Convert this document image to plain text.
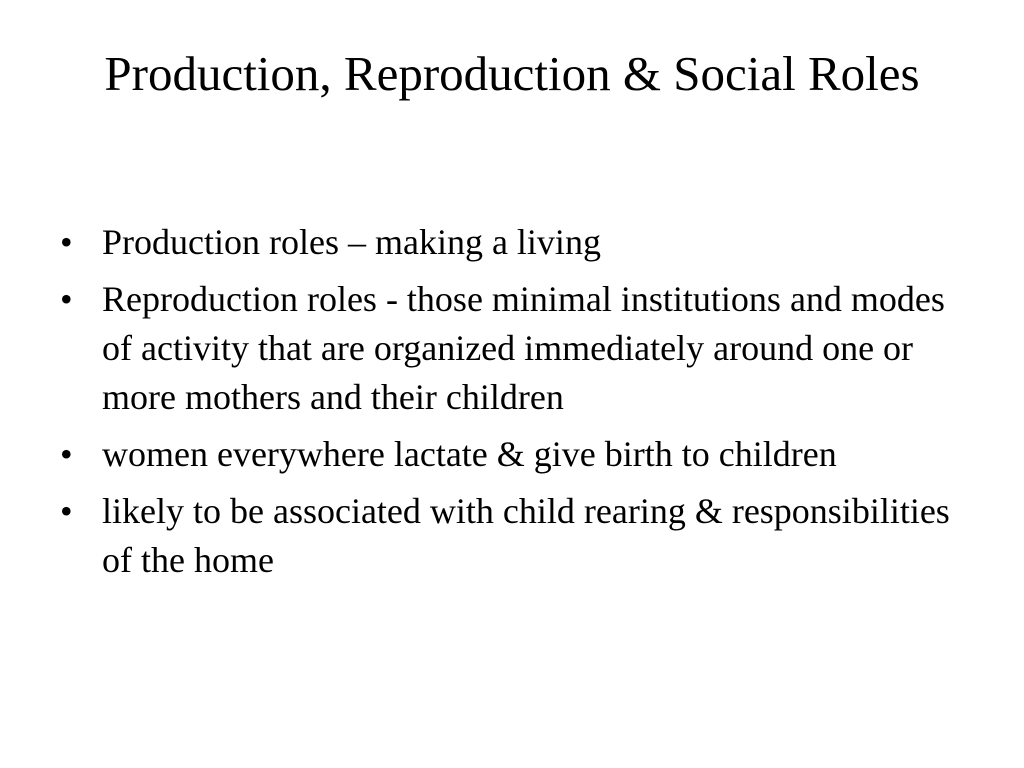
Production, Reproduction & Social Roles
• Production roles – making a living
• Reproduction roles - those minimal institutions and modes of activity that are organized immediately around one or more mothers and their children
• women everywhere lactate & give birth to children
• likely to be associated with child rearing & responsibilities of the home
